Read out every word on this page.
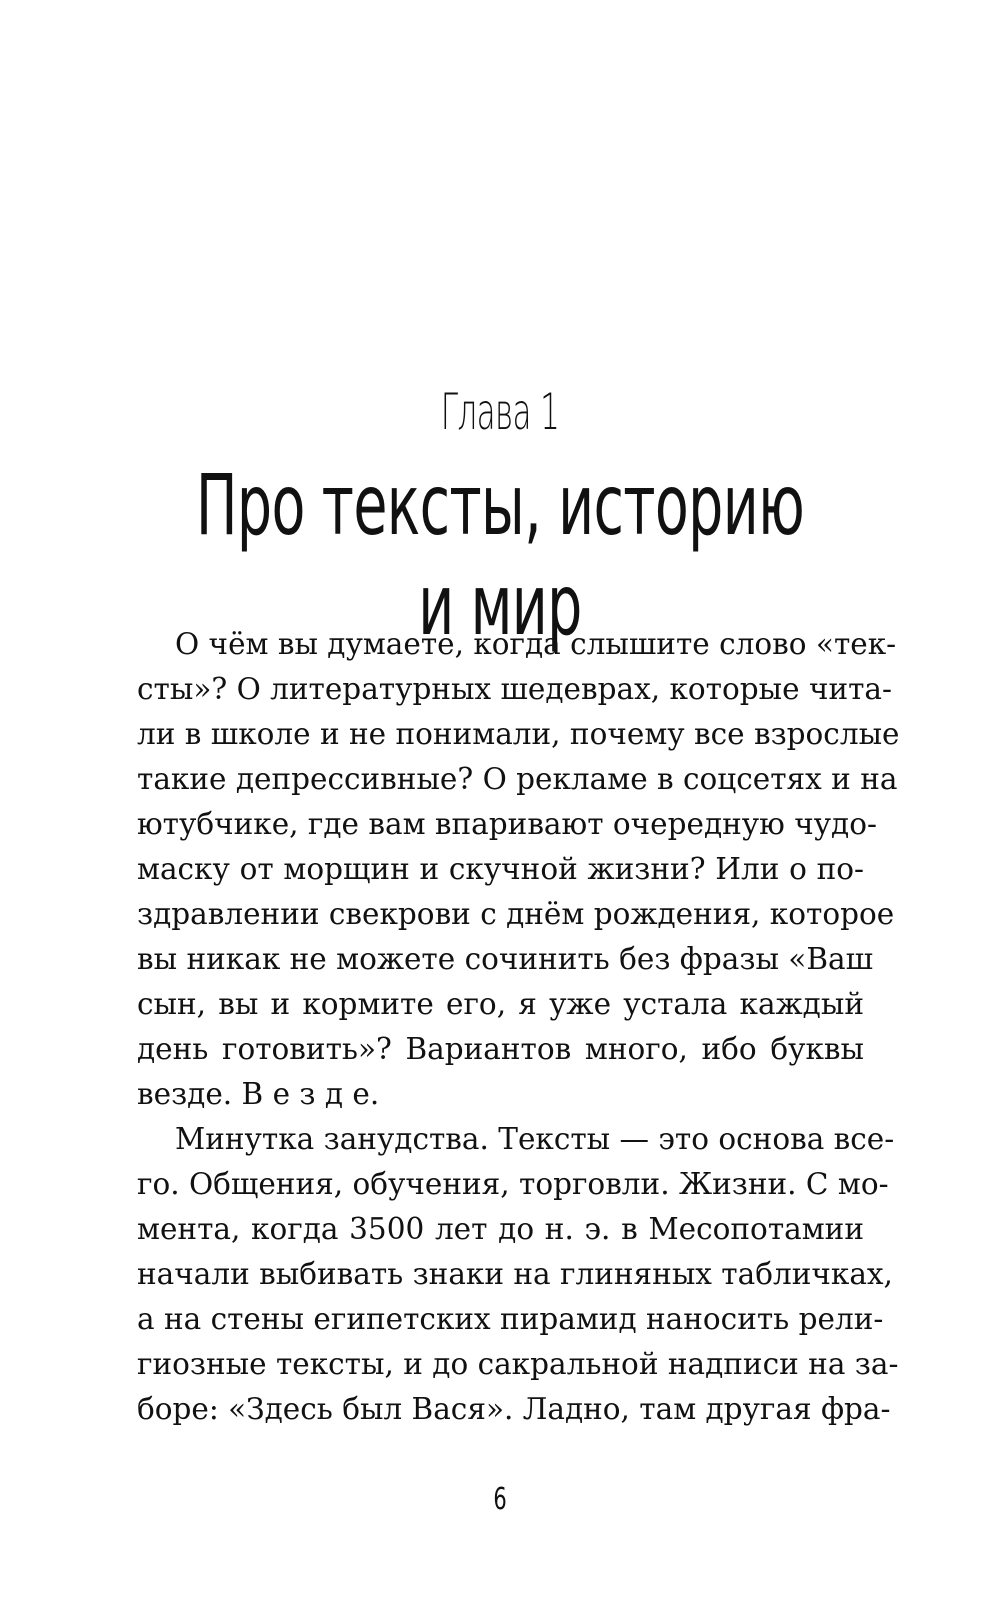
Глава 1
Про тексты, историю и мир
О чём вы думаете, когда слышите слово «тек-
сты»? О литературных шедеврах, которые чита-
ли в школе и не понимали, почему все взрослые
такие депрессивные? О рекламе в соцсетях и на
ютубчике, где вам впаривают очередную чудо-
маску от морщин и скучной жизни? Или о по-
здравлении свекрови с днём рождения, которое
вы никак не можете сочинить без фразы «Ваш
сын, вы и кормите его, я уже устала каждый
день готовить»? Вариантов много, ибо буквы
везде. В е з д е.
Минутка занудства. Тексты — это основа все-
го. Общения, обучения, торговли. Жизни. С мо-
мента, когда 3500 лет до н. э. в Месопотамии
начали выбивать знаки на глиняных табличках,
а на стены египетских пирамид наносить рели-
гиозные тексты, и до сакральной надписи на за-
боре: «Здесь был Вася». Ладно, там другая фра-
6
